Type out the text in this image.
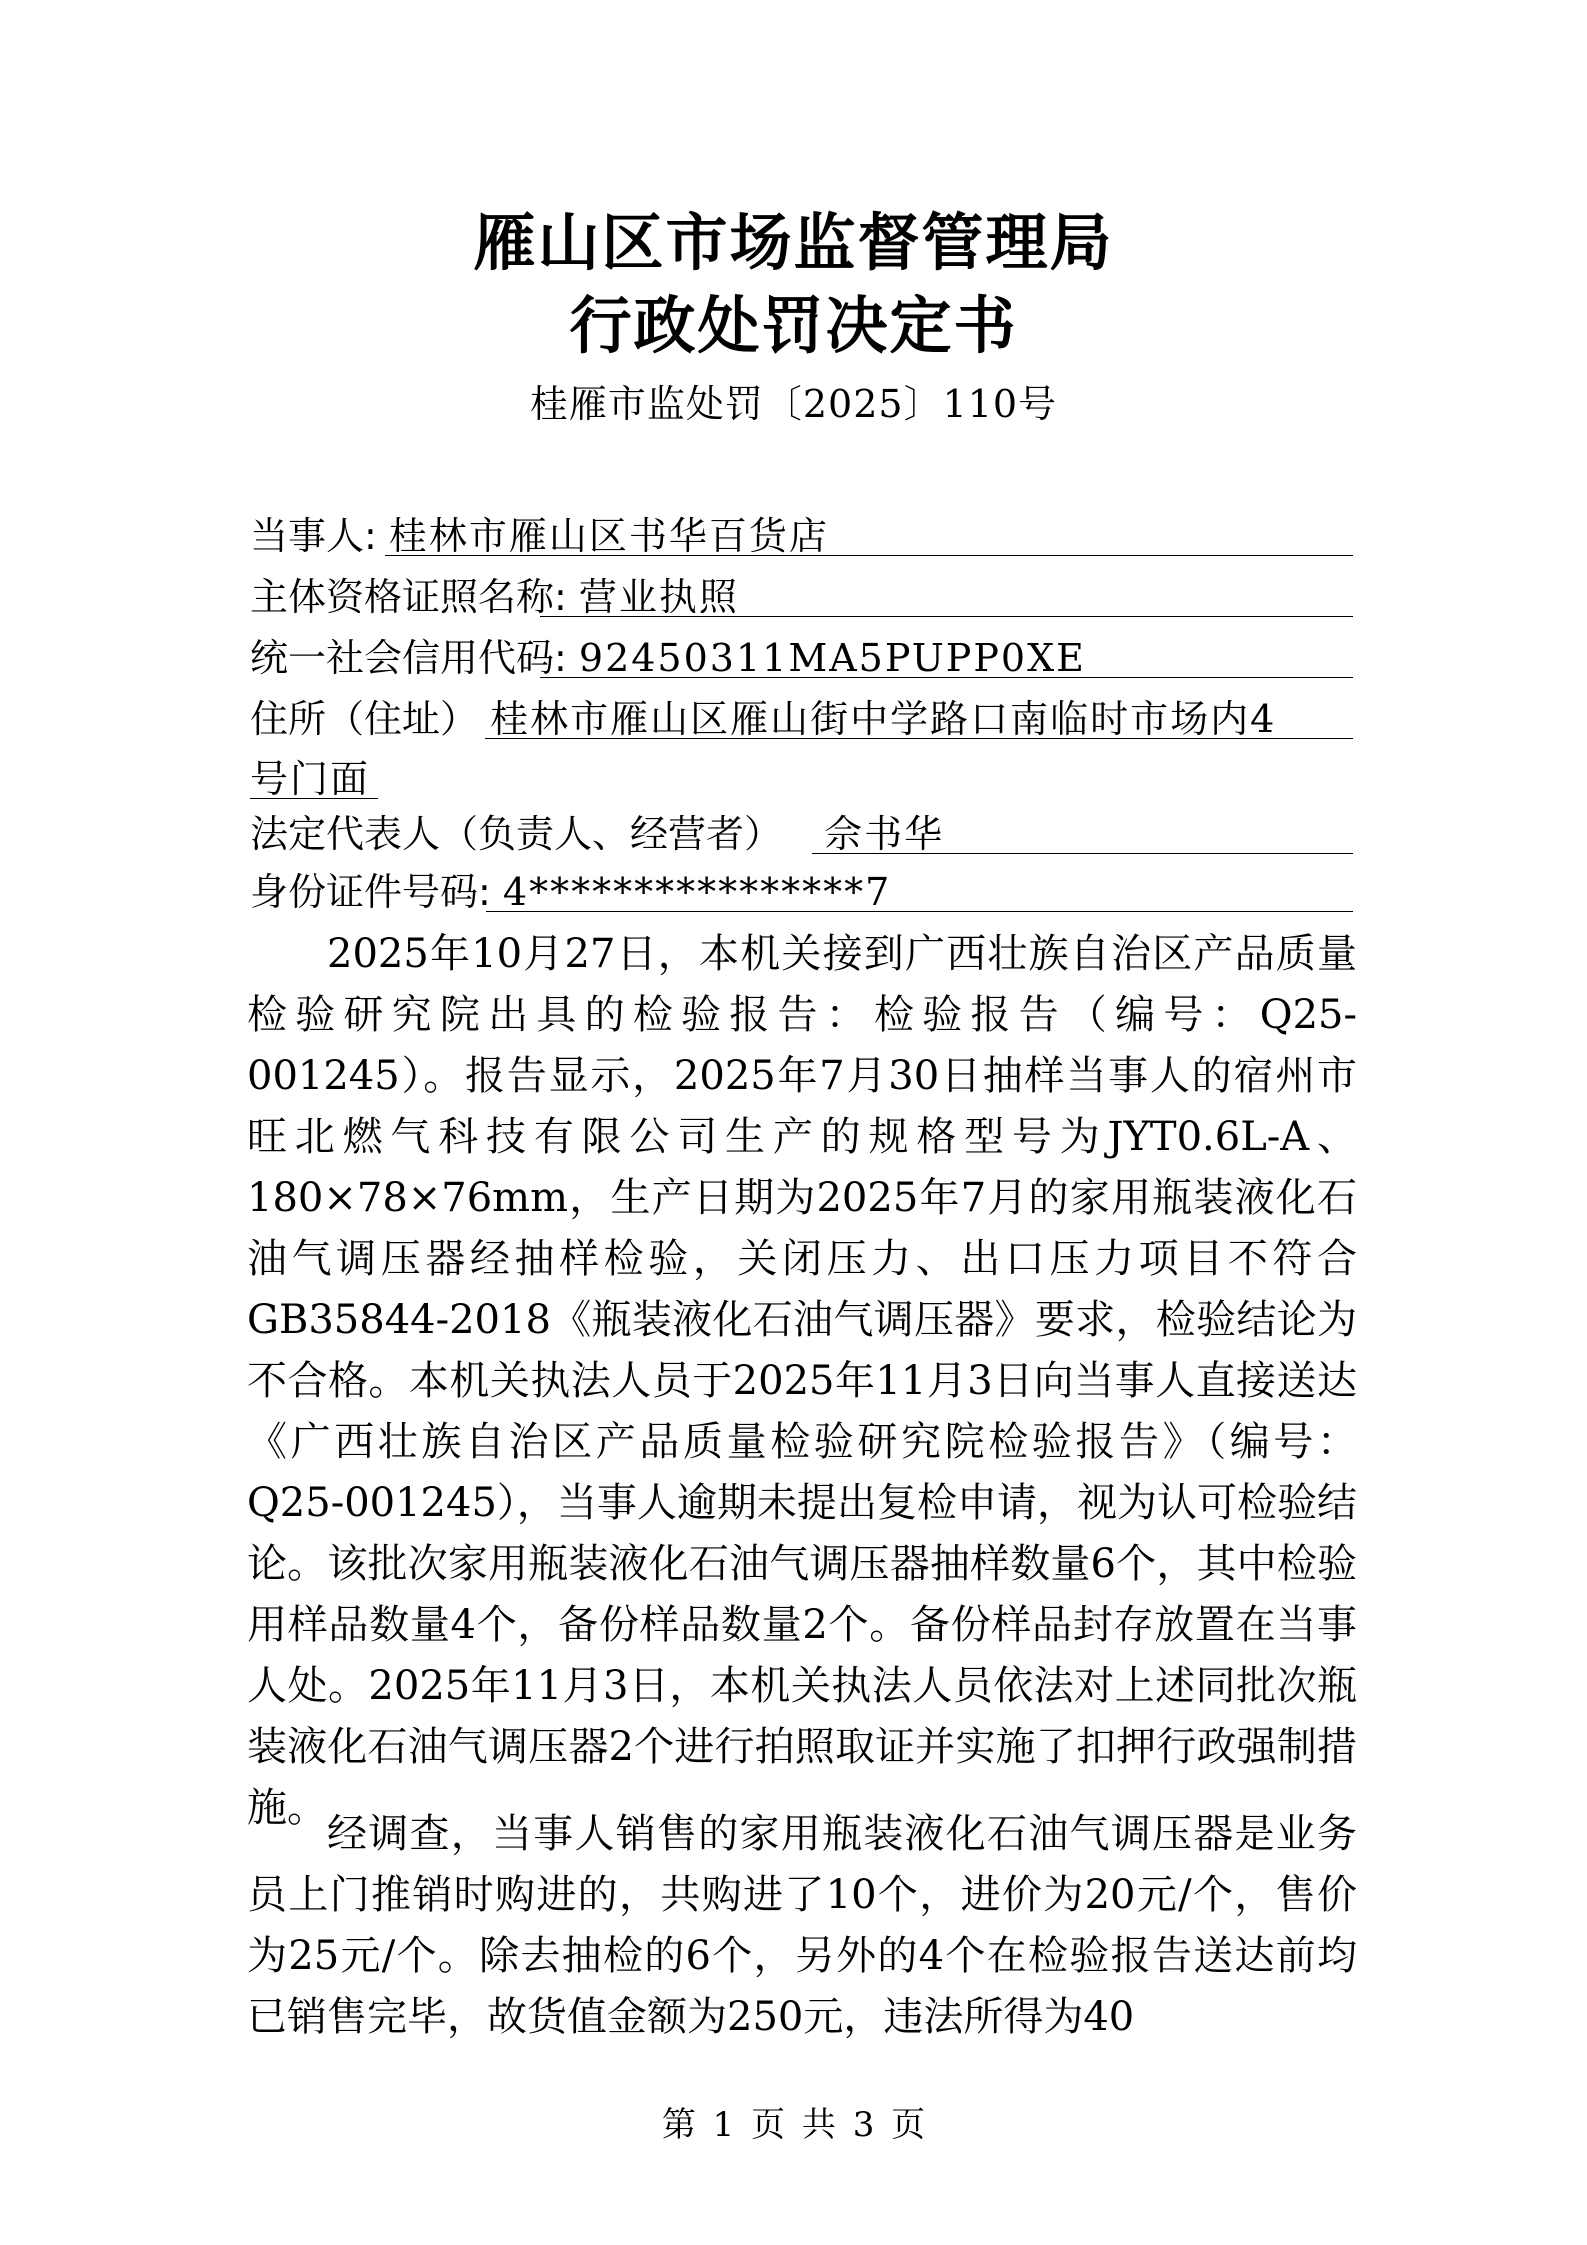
雁山区市场监督管理局
行政处罚决定书
桂雁市监处罚〔2025〕110号
当事人: 桂林市雁山区书华百货店
主体资格证照名称: 营业执照
统一社会信用代码: 92450311MA5PUPP0XE
住所（住址） 桂林市雁山区雁山街中学路口南临时市场内4
号门面
法定代表人（负责人、经营者） 佘书华
身份证件号码: 4****************7

2025年10月27日，本机关接到广西壮族自治区产品质量检验研究院出具的检验报告：检验报告（编号：Q25-001245）。报告显示，2025年7月30日抽样当事人的宿州市旺北燃气科技有限公司生产的规格型号为JYT0.6L-A、180×78×76mm，生产日期为2025年7月的家用瓶装液化石油气调压器经抽样检验，关闭压力、出口压力项目不符合GB35844-2018《瓶装液化石油气调压器》要求，检验结论为不合格。本机关执法人员于2025年11月3日向当事人直接送达《广西壮族自治区产品质量检验研究院检验报告》（编号：Q25-001245），当事人逾期未提出复检申请，视为认可检验结论。该批次家用瓶装液化石油气调压器抽样数量6个，其中检验用样品数量4个，备份样品数量2个。备份样品封存放置在当事人处。2025年11月3日，本机关执法人员依法对上述同批次瓶装液化石油气调压器2个进行拍照取证并实施了扣押行政强制措施。

经调查，当事人销售的家用瓶装液化石油气调压器是业务员上门推销时购进的，共购进了10个，进价为20元/个，售价为25元/个。除去抽检的6个，另外的4个在检验报告送达前均已销售完毕，故货值金额为250元，违法所得为40

第 1 页 共 3 页
